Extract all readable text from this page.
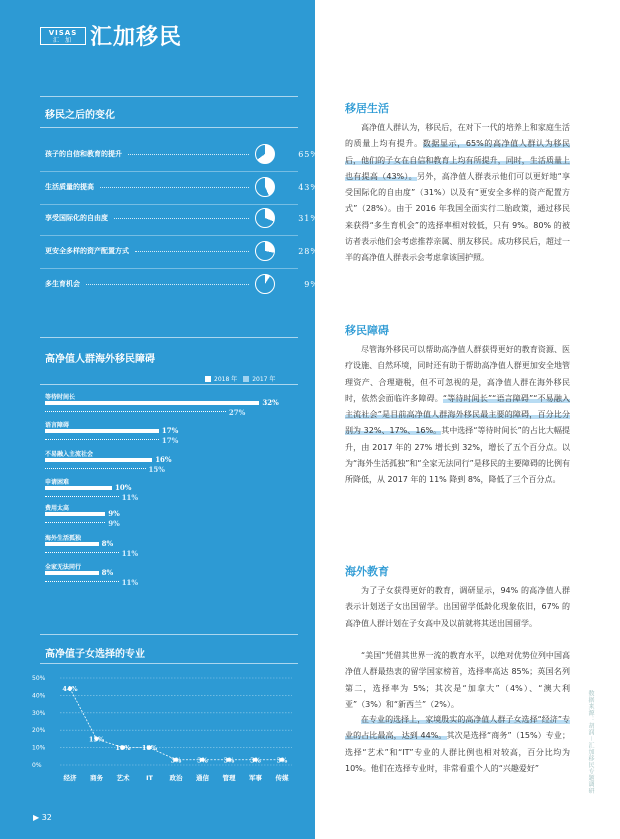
VISAS
汇 加 汇加移民
移民之后的变化
孩子的自信和教育的提升	65%
生活质量的提高	43%
享受国际化的自由度	31%
更安全多样的资产配置方式	28%
多生育机会	9%
高净值人群海外移民障碍
2018 年	2017 年
等待时间长
32%
27%
语言障碍
17%
17%
不易融入主流社会
16%
15%
申请困难
10%
11%
费用太高
9%
9%
海外生活孤独
8%
11%
全家无法同行
8%
11%
高净值子女选择的专业
50%
40%
30%
20%
10%
0%
44%
经济
15%
商务
10%
艺术
10%
IT
3%
政治
3%
通信
3%
管理
3%
军事
3%
传媒
▶ 32
移居生活
高净值人群认为，移民后，在对下一代的培养上和家庭生活的质量上均有提升。数据显示，65%的高净值人群认为移民后，他们的子女在自信和教育上均有所提升，同时，生活质量上也有提高（43%）。另外，高净值人群表示他们可以更好地“享受国际化的自由度”（31%）以及有“更安全多样的资产配置方式”（28%）。由于 2016 年我国全面实行二胎政策，通过移民来获得“多生育机会”的选择率相对较低，只有 9%。80% 的被访者表示他们会考虑推荐亲属、朋友移民。成功移民后，超过一半的高净值人群表示会考虑拿该国护照。
移民障碍
尽管海外移民可以帮助高净值人群获得更好的教育资源、医疗设施、自然环境，同时还有助于帮助高净值人群更加安全地管理资产、合理避税，但不可忽视的是，高净值人群在海外移民时，依然会面临许多障碍。“等待时间长”“语言障碍”“不易融入主流社会”是目前高净值人群海外移民最主要的障碍，百分比分别为 32%、17%、16%。其中选择“等待时间长”的占比大幅提升，由 2017 年的 27% 增长到 32%，增长了五个百分点。以为“海外生活孤独”和“全家无法同行”是移民的主要障碍的比例有所降低，从 2017 年的 11% 降到 8%，降低了三个百分点。
海外教育
为了子女获得更好的教育，调研显示，94% 的高净值人群表示计划送子女出国留学。出国留学低龄化现象依旧，67% 的高净值人群计划在子女高中及以前就将其送出国留学。
“美国”凭借其世界一流的教育水平，以绝对优势位列中国高净值人群最热衷的留学国家榜首，选择率高达 85%；英国名列第二，选择率为 5%；其次是“加拿大”（4%）、“澳大利亚”（3%）和“新西兰”（2%）。
在专业的选择上，家境殷实的高净值人群子女选择“经济”专业的占比最高，达到 44%。其次是选择“商务”（15%）专业；选择“艺术”和“IT”专业的人群比例也相对较高，百分比均为 10%。他们在选择专业时，非常看重个人的“兴趣爱好”	数据来源：胡润－汇加移民专题调研
